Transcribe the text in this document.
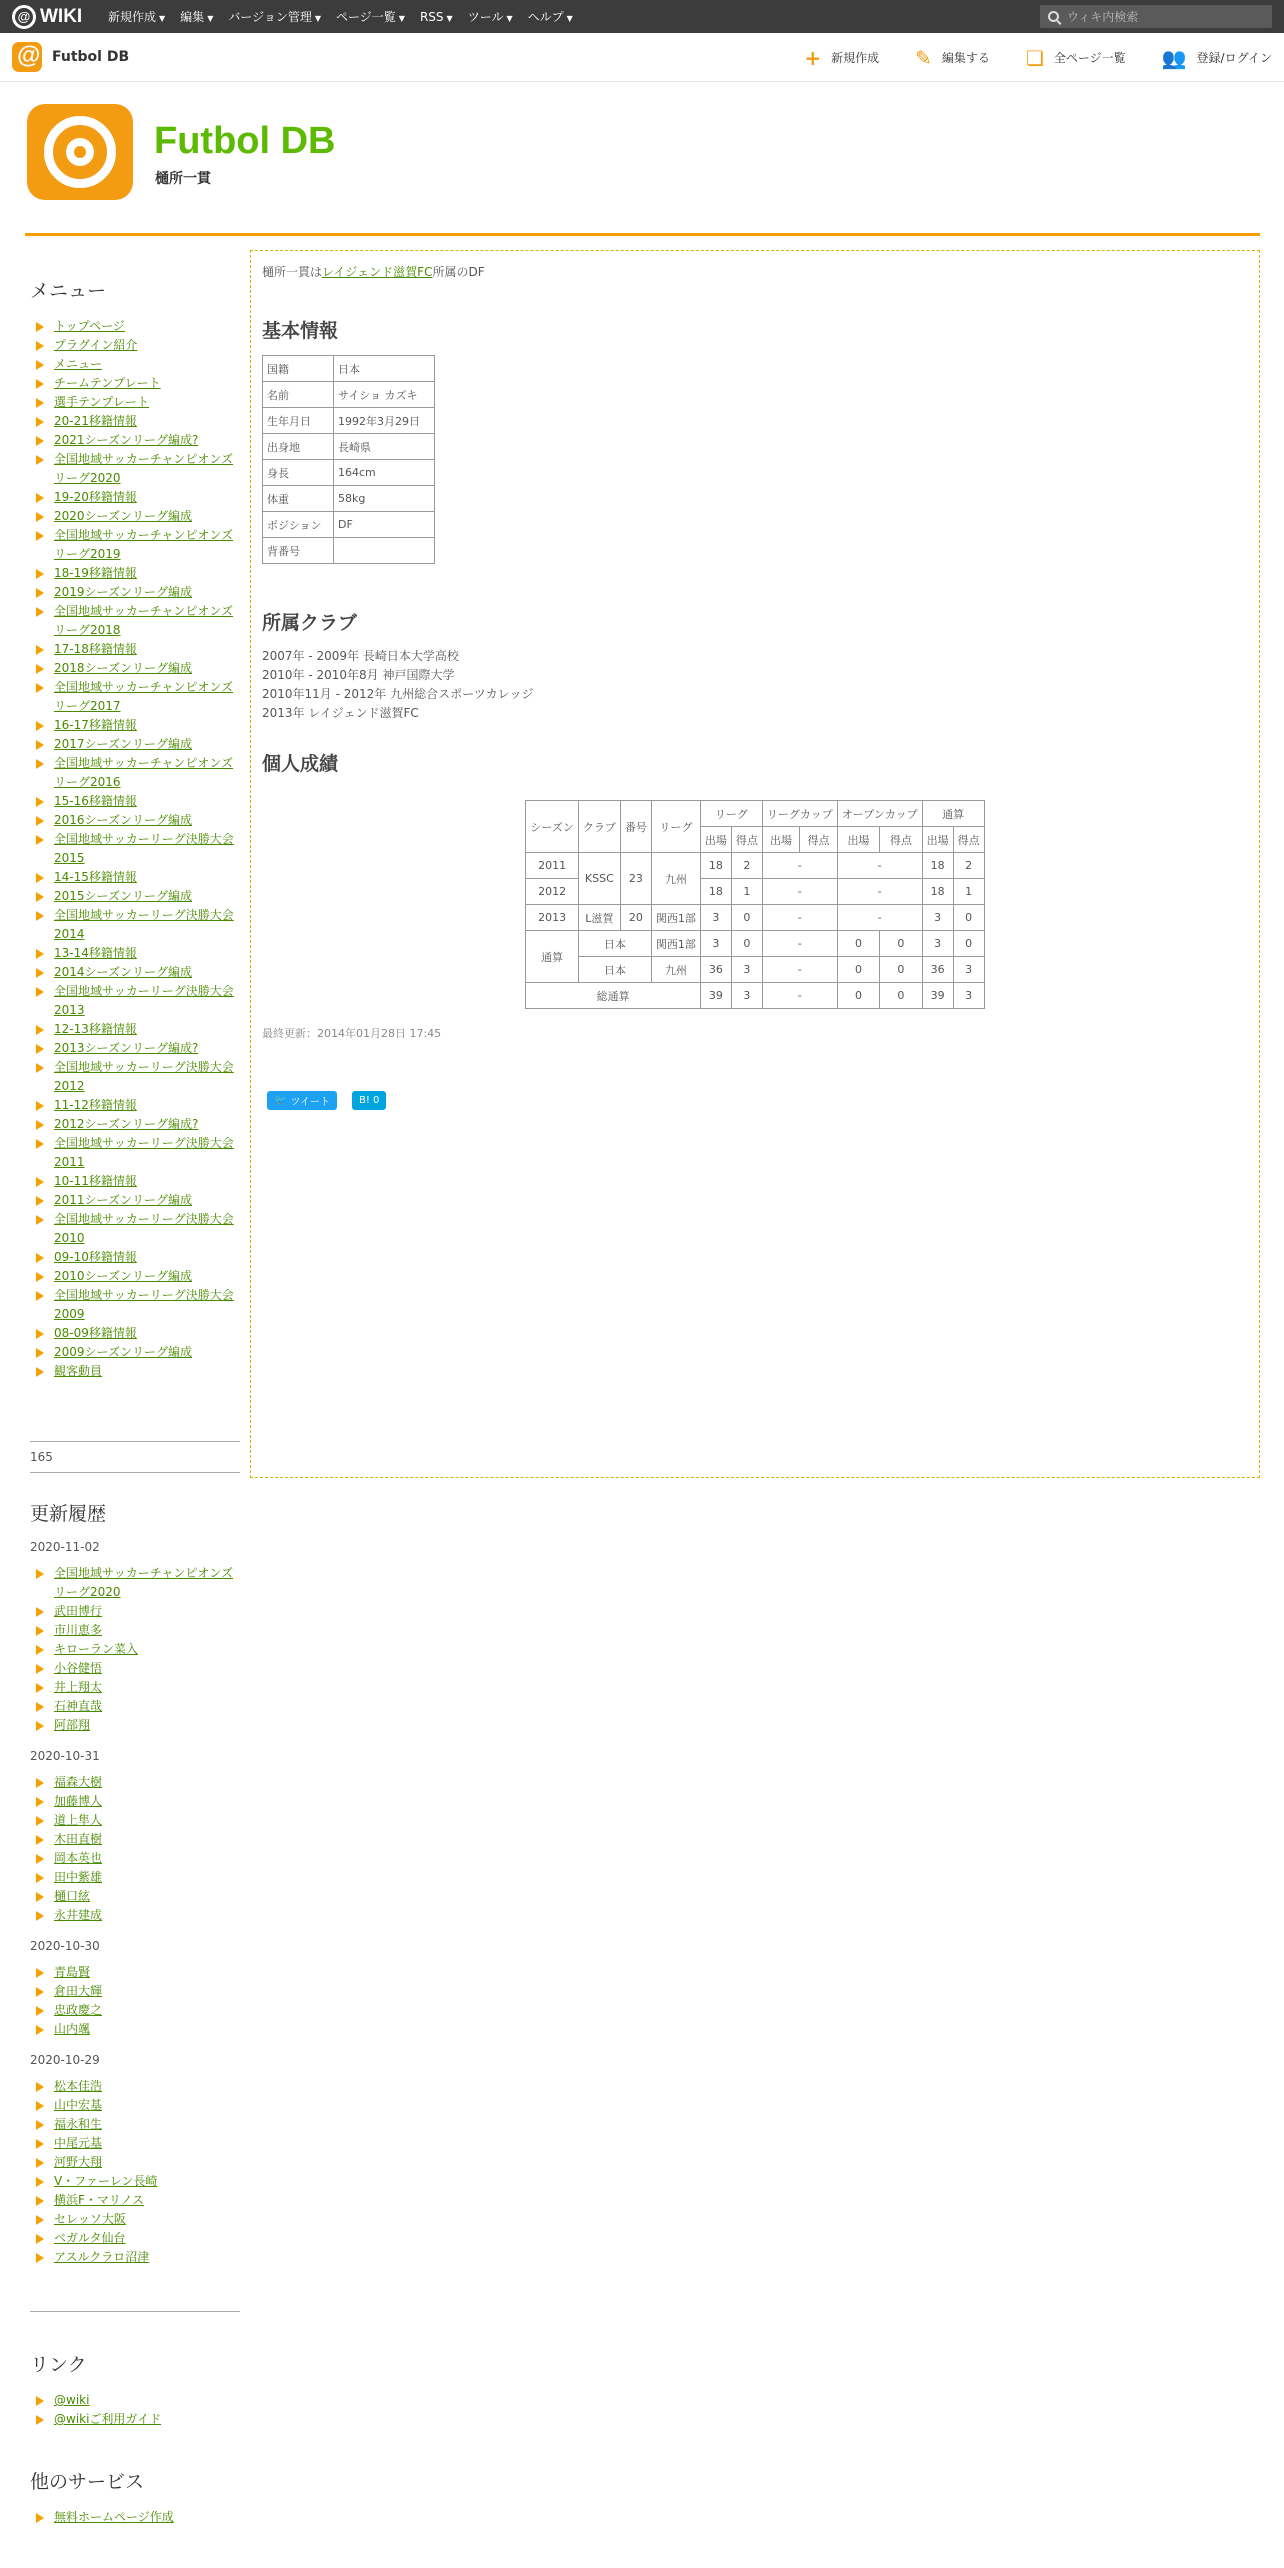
@ WIKI 新規作成 ▼ 編集 ▼ バージョン管理 ▼ ページ一覧 ▼ RSS ▼ ツール ▼ ヘルプ ▼
ウィキ内検索
@
Futbol DB	+ 新規作成 ✎ 編集する ❏ 全ページ一覧 👥 登録/ログイン
Futbol DB
樋所一貫
メニュー
トップページ
プラグイン紹介
メニュー
チームテンプレート
選手テンプレート
20-21移籍情報
2021シーズンリーグ編成?
全国地域サッカーチャンピオンズリーグ2020
19-20移籍情報
2020シーズンリーグ編成
全国地域サッカーチャンピオンズリーグ2019
18-19移籍情報
2019シーズンリーグ編成
全国地域サッカーチャンピオンズリーグ2018
17-18移籍情報
2018シーズンリーグ編成
全国地域サッカーチャンピオンズリーグ2017
16-17移籍情報
2017シーズンリーグ編成
全国地域サッカーチャンピオンズリーグ2016
15-16移籍情報
2016シーズンリーグ編成
全国地域サッカーリーグ決勝大会2015
14-15移籍情報
2015シーズンリーグ編成
全国地域サッカーリーグ決勝大会2014
13-14移籍情報
2014シーズンリーグ編成
全国地域サッカーリーグ決勝大会2013
12-13移籍情報
2013シーズンリーグ編成?
全国地域サッカーリーグ決勝大会2012
11-12移籍情報
2012シーズンリーグ編成?
全国地域サッカーリーグ決勝大会2011
10-11移籍情報
2011シーズンリーグ編成
全国地域サッカーリーグ決勝大会2010
09-10移籍情報
2010シーズンリーグ編成
全国地域サッカーリーグ決勝大会2009
08-09移籍情報
2009シーズンリーグ編成
観客動員
165
更新履歴
2020-11-02
全国地域サッカーチャンピオンズリーグ2020
武田博行
市川恵多
キローラン菜入
小谷健悟
井上翔太
石神直哉
阿部翔
2020-10-31
福森大樹
加藤博人
道上隼人
木田直樹
岡本英也
田中紫雄
樋口絃
永井建成
2020-10-30
青島賢
倉田大輝
忠政慶之
山内颯
2020-10-29
松本佳浩
山中宏基
福永和生
中尾元基
河野大翔
V・ファーレン長崎
横浜F・マリノス
セレッソ大阪
ベガルタ仙台
アスルクラロ沼津
リンク
@wiki
@wikiご利用ガイド
他のサービス
無料ホームページ作成
樋所一貫はレイジェンド滋賀FC所属のDF
基本情報
国籍	日本
名前	サイショ カズキ
生年月日	1992年3月29日
出身地	長崎県
身長	164cm
体重	58kg
ポジション	DF
背番号	
所属クラブ
2007年 - 2009年 長崎日本大学高校
2010年 - 2010年8月 神戸国際大学
2010年11月 - 2012年 九州総合スポーツカレッジ
2013年 レイジェンド滋賀FC
個人成績
シーズン	クラブ	番号	リーグ	リーグ		リーグカップ		オープンカップ		通算	
				出場	得点	出場	得点	出場	得点	出場	得点
2011	KSSC	23	九州	18	2	-		-		18	2
2012				18	1	-		-		18	1
2013	L滋賀	20	関西1部	3	0	-		-		3	0
通算	日本		関西1部	3	0	-		0	0	3	0
	日本		九州	36	3	-		0	0	36	3
総通算				39	3	-		0	0	39	3
最終更新：2014年01月28日 17:45
🐦 ツイート	B! 0
